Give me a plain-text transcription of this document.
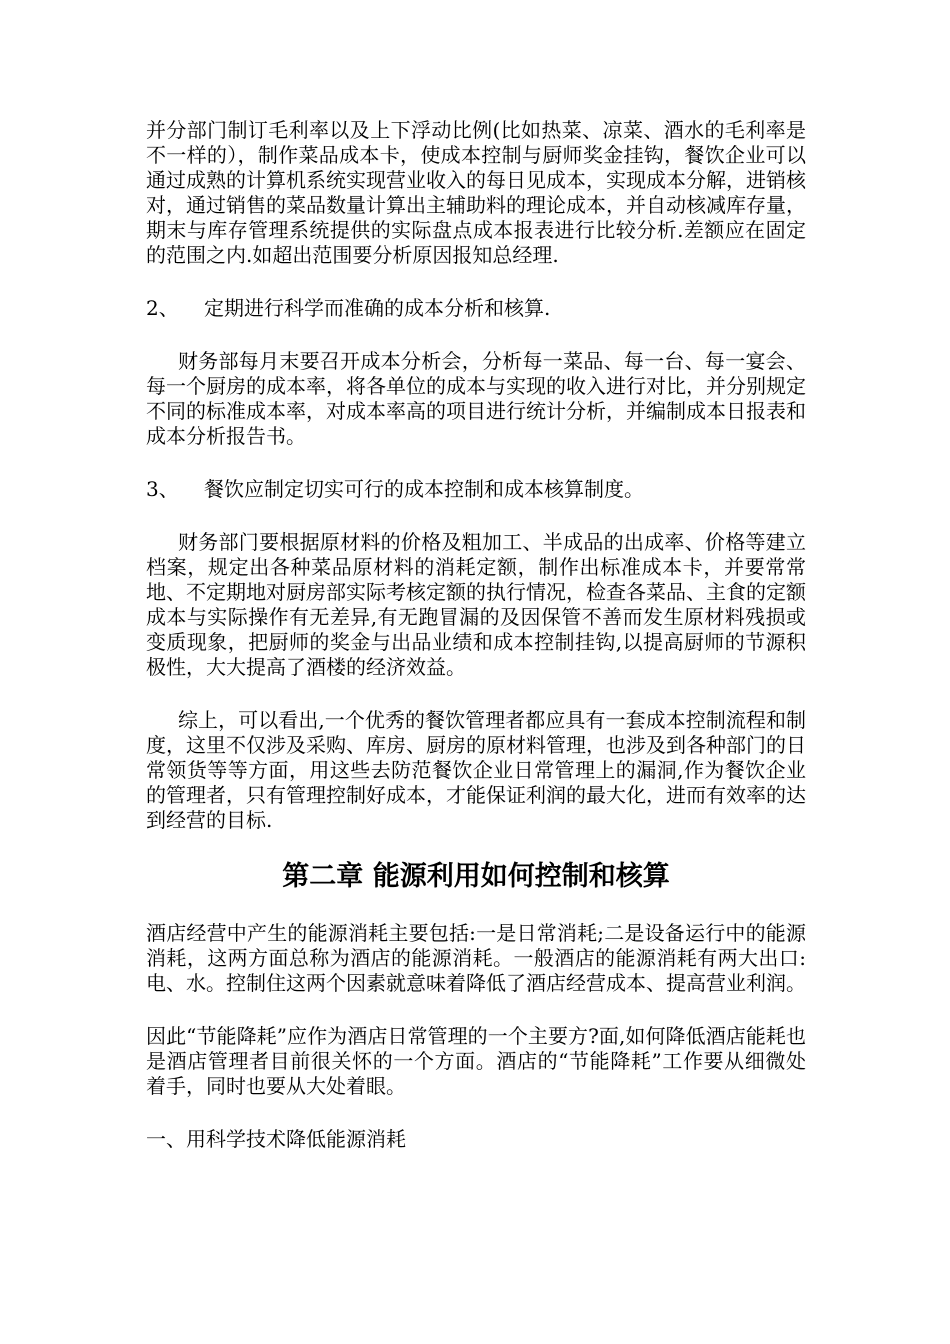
并分部门制订毛利率以及上下浮动比例(比如热菜、凉菜、酒水的毛利率是不一样的），制作菜品成本卡，使成本控制与厨师奖金挂钩，餐饮企业可以通过成熟的计算机系统实现营业收入的每日见成本，实现成本分解，进销核对，通过销售的菜品数量计算出主辅助料的理论成本，并自动核减库存量，期末与库存管理系统提供的实际盘点成本报表进行比较分析.差额应在固定的范围之内.如超出范围要分析原因报知总经理.

2、	定期进行科学而准确的成本分析和核算.

财务部每月末要召开成本分析会，分析每一菜品、每一台、每一宴会、每一个厨房的成本率，将各单位的成本与实现的收入进行对比，并分别规定不同的标准成本率，对成本率高的项目进行统计分析，并编制成本日报表和成本分析报告书。

3、	餐饮应制定切实可行的成本控制和成本核算制度。

财务部门要根据原材料的价格及粗加工、半成品的出成率、价格等建立档案，规定出各种菜品原材料的消耗定额，制作出标准成本卡，并要常常地、不定期地对厨房部实际考核定额的执行情况，检查各菜品、主食的定额成本与实际操作有无差异,有无跑冒漏的及因保管不善而发生原材料残损或变质现象，把厨师的奖金与出品业绩和成本控制挂钩,以提高厨师的节源积极性，大大提高了酒楼的经济效益。

综上，可以看出,一个优秀的餐饮管理者都应具有一套成本控制流程和制度，这里不仅涉及采购、库房、厨房的原材料管理，也涉及到各种部门的日常领货等等方面，用这些去防范餐饮企业日常管理上的漏洞,作为餐饮企业的管理者，只有管理控制好成本，才能保证利润的最大化，进而有效率的达到经营的目标.

第二章 能源利用如何控制和核算

酒店经营中产生的能源消耗主要包括:一是日常消耗;二是设备运行中的能源消耗，这两方面总称为酒店的能源消耗。一般酒店的能源消耗有两大出口:电、水。控制住这两个因素就意味着降低了酒店经营成本、提高营业利润。

因此“节能降耗”应作为酒店日常管理的一个主要方?面,如何降低酒店能耗也是酒店管理者目前很关怀的一个方面。酒店的“节能降耗”工作要从细微处着手，同时也要从大处着眼。

一、用科学技术降低能源消耗
